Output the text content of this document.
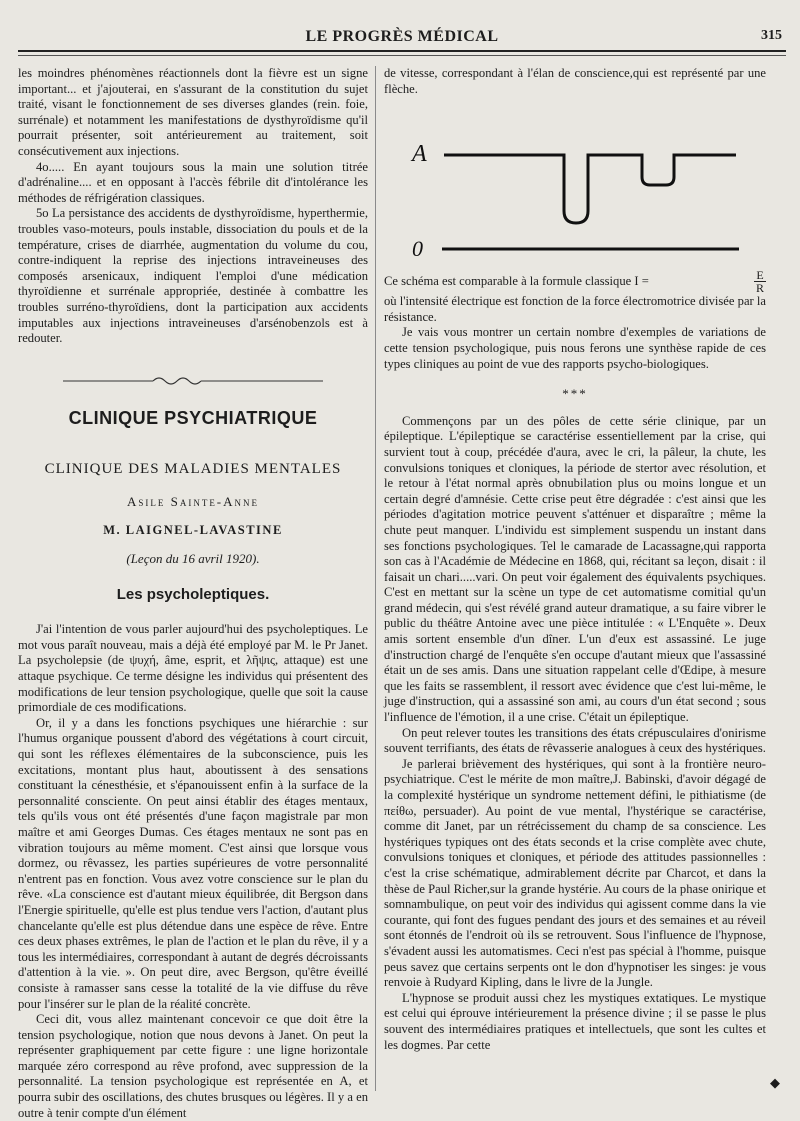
LE PROGRÈS MÉDICAL	315

les moindres phénomènes réactionnels dont la fièvre est un signe important... et j'ajouterai, en s'assurant de la constitution du sujet traité, visant le fonctionnement de ses diverses glandes (rein. foie, surrénale) et notamment les manifestations de dysthyroïdisme qu'il pourrait présenter, soit antérieurement au traitement, soit consécutivement aux injections.

4o..... En ayant toujours sous la main une solution titrée d'adrénaline.... et en opposant à l'accès fébrile dit d'intolérance les méthodes de réfrigération classiques.

5o La persistance des accidents de dysthyroïdisme, hyperthermie, troubles vaso-moteurs, pouls instable, dissociation du pouls et de la température, crises de diarrhée, augmentation du volume du cou, contre-indiquent la reprise des injections intraveineuses des composés arsenicaux, indiquent l'emploi d'une médication thyroïdienne et surrénale appropriée, destinée à combattre les troubles surréno-thyroïdiens, dont la participation aux accidents imputables aux injections intraveineuses d'arsénobenzols est à redouter.

CLINIQUE PSYCHIATRIQUE
CLINIQUE DES MALADIES MENTALES
Asile Sainte-Anne
M. LAIGNEL-LAVASTINE
(Leçon du 16 avril 1920).
Les psycholeptiques.

J'ai l'intention de vous parler aujourd'hui des psycholeptiques. Le mot vous paraît nouveau, mais a déjà été employé par M. le Pr Janet. La psycholepsie (de ψυχή, âme, esprit, et λῆψις, attaque) est une attaque psychique. Ce terme désigne les individus qui présentent des modifications de leur tension psychologique, quelle que soit la cause primordiale de ces modifications.

Or, il y a dans les fonctions psychiques une hiérarchie : sur l'humus organique poussent d'abord des végétations à court circuit, qui sont les réflexes élémentaires de la subconscience, puis les excitations, montant plus haut, aboutissent à des sensations constituant la cénesthésie, et s'épanouissent enfin à la surface de la personnalité consciente. On peut ainsi établir des étages mentaux, tels qu'ils vous ont été présentés d'une façon magistrale par mon maître et ami Georges Dumas. Ces étages mentaux ne sont pas en vibration toujours au même moment. C'est ainsi que lorsque vous dormez, ou rêvassez, les parties supérieures de votre personnalité n'entrent pas en fonction. Vous avez votre conscience sur le plan du rêve. «La conscience est d'autant mieux équilibrée, dit Bergson dans l'Energie spirituelle, qu'elle est plus tendue vers l'action, d'autant plus chancelante qu'elle est plus détendue dans une espèce de rêve. Entre ces deux phases extrêmes, le plan de l'action et le plan du rêve, il y a tous les intermédiaires, correspondant à autant de degrés décroissants d'attention à la vie. ». On peut dire, avec Bergson, qu'être éveillé consiste à ramasser sans cesse la totalité de la vie diffuse du rêve pour l'insérer sur le plan de la réalité concrète.

Ceci dit, vous allez maintenant concevoir ce que doit être la tension psychologique, notion que nous devons à Janet. On peut la représenter graphiquement par cette figure : une ligne horizontale marquée zéro correspond au rêve profond, avec suppression de la personnalité. La tension psychologique est représentée en A, et pourra subir des oscillations, des chutes brusques ou légères. Il y a en outre à tenir compte d'un élément

de vitesse, correspondant à l'élan de conscience,qui est représenté par une flèche.

A
0
Ce schéma est comparable à la formule classique I =	$\frac{E}{R}$

où l'intensité électrique est fonction de la force électromotrice divisée par la résistance.

Je vais vous montrer un certain nombre d'exemples de variations de cette tension psychologique, puis nous ferons une synthèse rapide de ces types cliniques au point de vue des rapports psycho-biologiques.

***

Commençons par un des pôles de cette série clinique, par un épileptique. L'épileptique se caractérise essentiellement par la crise, qui survient tout à coup, précédée d'aura, avec le cri, la pâleur, la chute, les convulsions toniques et cloniques, la période de stertor avec résolution, et le retour à l'état normal après obnubilation plus ou moins longue et un certain degré d'amnésie. Cette crise peut être dégradée : c'est ainsi que les périodes d'agitation motrice peuvent s'atténuer et disparaître ; même la chute peut manquer. L'individu est simplement suspendu un instant dans ses fonctions psychologiques. Tel le camarade de Lacassagne,qui rapporta son cas à l'Académie de Médecine en 1868, qui, récitant sa leçon, disait : il faisait un chari.....vari. On peut voir également des équivalents psychiques. C'est en mettant sur la scène un type de cet automatisme comitial qu'un grand médecin, qui s'est révélé grand auteur dramatique, a su faire vibrer le public du théâtre Antoine avec une pièce intitulée : « L'Enquête ». Deux amis sortent ensemble d'un dîner. L'un d'eux est assassiné. Le juge d'instruction chargé de l'enquête s'en occupe d'autant mieux que l'assassiné était un de ses amis. Dans une situation rappelant celle d'Œdipe, à mesure que les faits se rassemblent, il ressort avec évidence que c'est lui-même, le juge d'instruction, qui a assassiné son ami, au cours d'un état second ; sous l'influence de l'émotion, il a une crise. C'était un épileptique.

On peut relever toutes les transitions des états crépusculaires d'onirisme souvent terrifiants, des états de rêvasserie analogues à ceux des hystériques.

Je parlerai brièvement des hystériques, qui sont à la frontière neuro-psychiatrique. C'est le mérite de mon maître,J. Babinski, d'avoir dégagé de la complexité hystérique un syndrome nettement défini, le pithiatisme (de πείθω, persuader). Au point de vue mental, l'hystérique se caractérise, comme dit Janet, par un rétrécissement du champ de sa conscience. Les hystériques typiques ont des états seconds et la crise complète avec chute, convulsions toniques et cloniques, et période des attitudes passionnelles : c'est la crise schématique, admirablement décrite par Charcot, et dans la thèse de Paul Richer,sur la grande hystérie. Au cours de la phase onirique et somnambulique, on peut voir des individus qui agissent comme dans la vie courante, qui font des fugues pendant des jours et des semaines et au réveil sont étonnés de l'endroit où ils se retrouvent. Sous l'influence de l'hypnose, s'évadent aussi les automatismes. Ceci n'est pas spécial à l'homme, puisque peus savez que certains serpents ont le don d'hypnotiser les singes: je vous renvoie à Rudyard Kipling, dans le livre de la Jungle.

L'hypnose se produit aussi chez les mystiques extatiques. Le mystique est celui qui éprouve intérieurement la présence divine ; il se passe le plus souvent des intermédiaires pratiques et intellectuels, que sont les cultes et les dogmes. Par cette

◆
